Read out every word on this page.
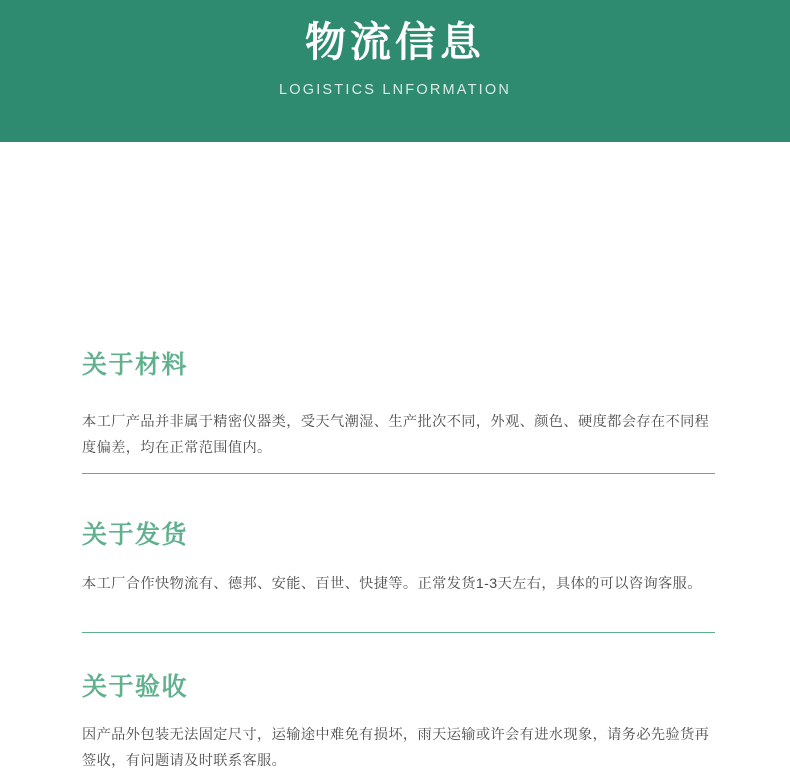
物流信息
LOGISTICS LNFORMATION
关于材料

本工厂产品并非属于精密仪器类，受天气潮湿、生产批次不同，外观、颜色、硬度都会存在不同程度偏差，均在正常范围值内。

关于发货

本工厂合作快物流有、德邦、安能、百世、快捷等。正常发货1-3天左右，具体的可以咨询客服。

关于验收

因产品外包装无法固定尺寸，运输途中难免有损坏，雨天运输或许会有进水现象，请务必先验货再签收，有问题请及时联系客服。
